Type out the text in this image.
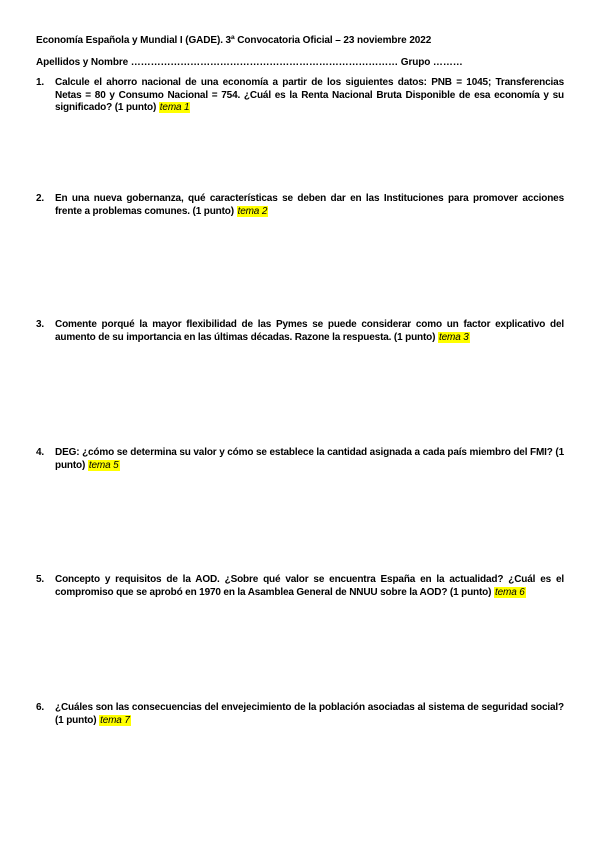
Economía Española y Mundial I (GADE). 3ª Convocatoria Oficial – 23 noviembre 2022
Apellidos y Nombre ……………………………………………………………………… Grupo ………
1. Calcule el ahorro nacional de una economía a partir de los siguientes datos: PNB = 1045; Transferencias Netas = 80 y Consumo Nacional = 754. ¿Cuál es la Renta Nacional Bruta Disponible de esa economía y su significado? (1 punto) tema 1
2. En una nueva gobernanza, qué características se deben dar en las Instituciones para promover acciones frente a problemas comunes. (1 punto) tema 2
3. Comente porqué la mayor flexibilidad de las Pymes se puede considerar como un factor explicativo del aumento de su importancia en las últimas décadas. Razone la respuesta. (1 punto) tema 3
4. DEG: ¿cómo se determina su valor y cómo se establece la cantidad asignada a cada país miembro del FMI? (1 punto) tema 5
5. Concepto y requisitos de la AOD. ¿Sobre qué valor se encuentra España en la actualidad? ¿Cuál es el compromiso que se aprobó en 1970 en la Asamblea General de NNUU sobre la AOD? (1 punto) tema 6
6. ¿Cuáles son las consecuencias del envejecimiento de la población asociadas al sistema de seguridad social? (1 punto) tema 7
